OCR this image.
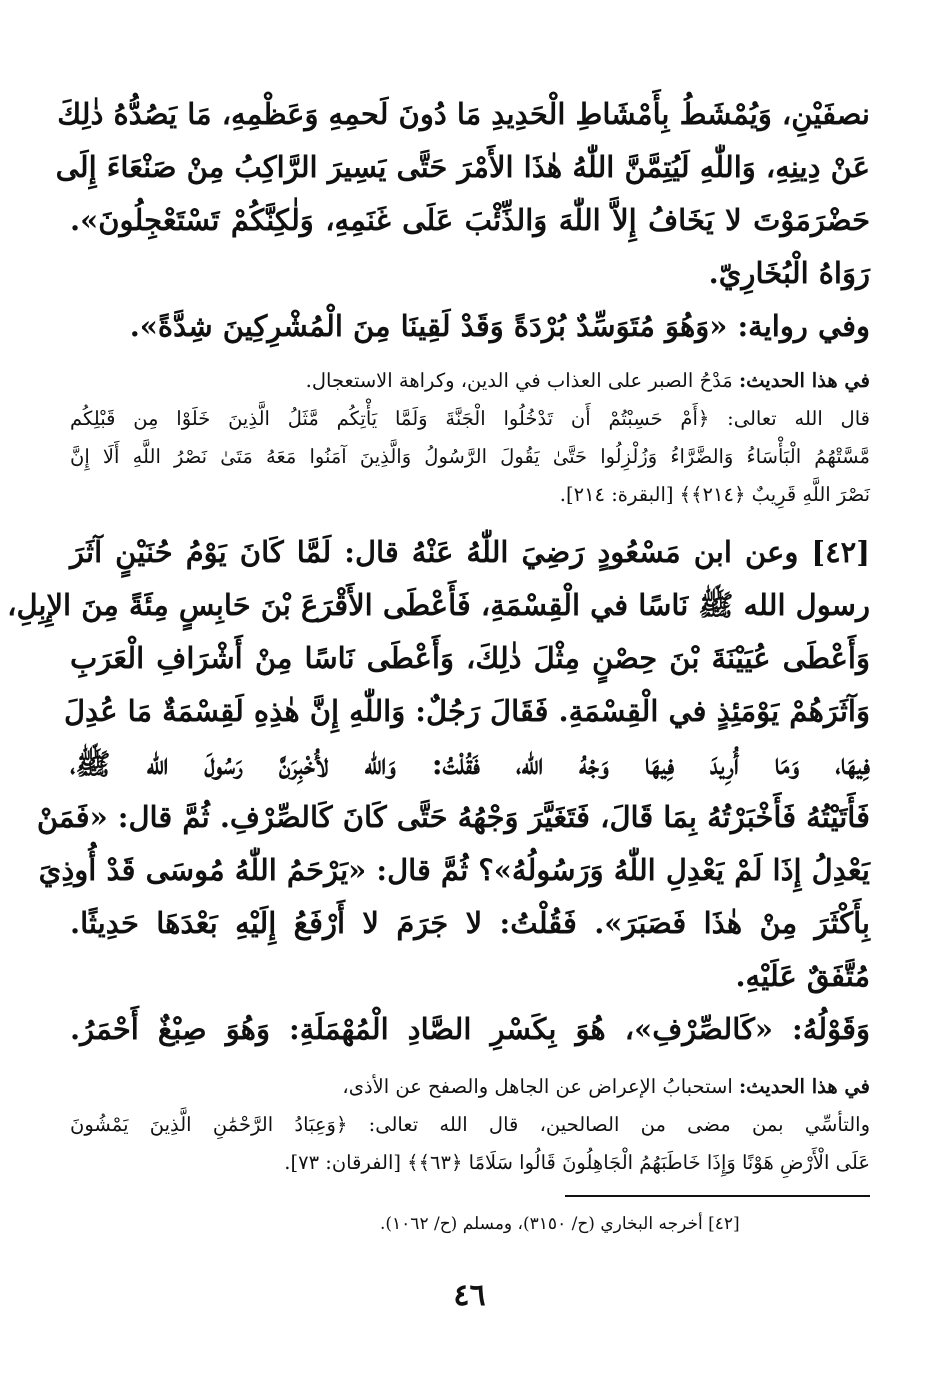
نصفَيْنِ، وَيُمْشَطُ بِأَمْشَاطِ الْحَدِيدِ مَا دُونَ لَحمِهِ وَعَظْمِهِ، مَا يَصُدُّهُ ذٰلِكَ

عَنْ دِينِهِ، وَاللّٰهِ لَيُتِمَّنَّ اللّٰهُ هٰذَا الأَمْرَ حَتَّى يَسِيرَ الرَّاكِبُ مِنْ صَنْعَاءَ إِلَى

حَضْرَمَوْتَ لا يَخَافُ إِلاَّ اللّٰهَ وَالذِّئْبَ عَلَى غَنَمِهِ، وَلٰكِنَّكُمْ تَسْتَعْجِلُونَ».

رَوَاهُ الْبُخَارِيّ.

وفي رواية: «وَهُوَ مُتَوَسِّدٌ بُرْدَةً وَقَدْ لَقِينَا مِنَ الْمُشْرِكِينَ شِدَّةً».

في هذا الحديث: مَدْحُ الصبر على العذاب في الدين، وكراهة الاستعجال.

قال الله تعالى: ﴿أَمْ حَسِبْتُمْ أَن تَدْخُلُوا الْجَنَّةَ وَلَمَّا يَأْتِكُم مَّثَلُ الَّذِينَ خَلَوْا مِن قَبْلِكُم

مَّسَّتْهُمُ الْبَأْسَاءُ وَالضَّرَّاءُ وَزُلْزِلُوا حَتَّىٰ يَقُولَ الرَّسُولُ وَالَّذِينَ آمَنُوا مَعَهُ مَتَىٰ نَصْرُ اللَّهِ أَلَا إِنَّ

نَصْرَ اللَّهِ قَرِيبٌ ﴿٢١٤﴾﴾ [البقرة: ٢١٤].

[٤٢] وعن ابن مَسْعُودٍ رَضِيَ اللّٰهُ عَنْهُ قال: لَمَّا كَانَ يَوْمُ حُنَيْنٍ آثَرَ

رسول الله ﷺ نَاسًا في الْقِسْمَةِ، فَأَعْطَى الأَقْرَعَ بْنَ حَابِسٍ مِئَةً مِنَ الإِبِلِ،

وَأَعْطَى عُيَيْنَةَ بْنَ حِصْنٍ مِثْلَ ذٰلِكَ، وَأَعْطَى نَاسًا مِنْ أَشْرَافِ الْعَرَبِ

وَآثَرَهُمْ يَوْمَئِذٍ في الْقِسْمَةِ. فَقَالَ رَجُلٌ: وَاللّٰهِ إِنَّ هٰذِهِ لَقِسْمَةٌ مَا عُدِلَ

فِيهَا، وَمَا أُرِيدَ فِيهَا وَجْهُ الله، فَقُلْتُ: وَالله لأُخْبِرَنَّ رَسُولَ الله ﷺ،

فَأَتَيْتُهُ فَأَخْبَرْتُهُ بِمَا قَالَ، فَتَغَيَّرَ وَجْهُهُ حَتَّى كَانَ كَالصِّرْفِ. ثُمَّ قال: «فَمَنْ

يَعْدِلُ إِذَا لَمْ يَعْدِلِ اللّٰهُ وَرَسُولُهُ»؟ ثُمَّ قال: «يَرْحَمُ اللّٰهُ مُوسَى قَدْ أُوذِيَ

بِأَكْثَرَ مِنْ هٰذَا فَصَبَرَ». فَقُلْتُ: لا جَرَمَ لا أَرْفَعُ إِلَيْهِ بَعْدَهَا حَدِيثًا.

مُتَّفَقٌ عَلَيْهِ.

وَقَوْلُهُ: «كَالصِّرْفِ»، هُوَ بِكَسْرِ الصَّادِ الْمُهْمَلَةِ: وَهُوَ صِبْغٌ أَحْمَرُ.

في هذا الحديث: استحبابُ الإعراض عن الجاهل والصفح عن الأذى،

والتأسِّي بمن مضى من الصالحين، قال الله تعالى: ﴿وَعِبَادُ الرَّحْمَٰنِ الَّذِينَ يَمْشُونَ

عَلَى الْأَرْضِ هَوْنًا وَإِذَا خَاطَبَهُمُ الْجَاهِلُونَ قَالُوا سَلَامًا ﴿٦٣﴾﴾ [الفرقان: ٧٣].

[٤٢] أخرجه البخاري (ح/ ٣١٥٠)، ومسلم (ح/ ١٠٦٢).
٤٦
